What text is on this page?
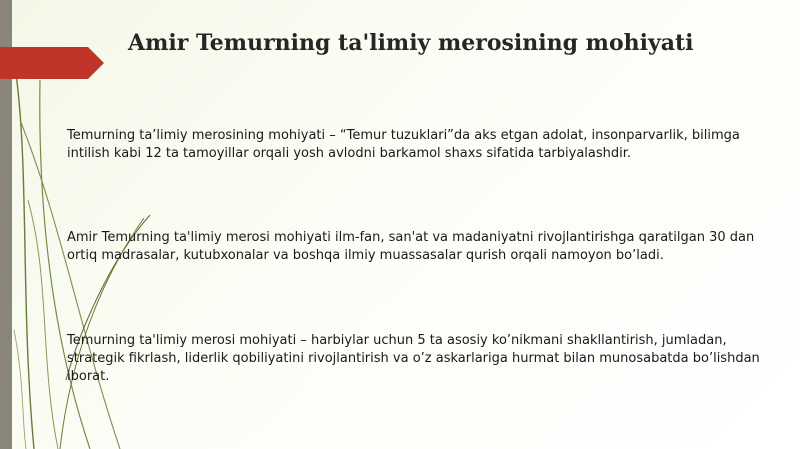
Amir Temurning ta'limiy merosining mohiyati

Temurning ta’limiy merosining mohiyati – “Temur tuzuklari”da aks etgan adolat, insonparvarlik, bilimga intilish kabi 12 ta tamoyillar orqali yosh avlodni barkamol shaxs sifatida tarbiyalashdir.

Amir Temurning ta'limiy merosi mohiyati ilm-fan, san'at va madaniyatni rivojlantirishga qaratilgan 30 dan ortiq madrasalar, kutubxonalar va boshqa ilmiy muassasalar qurish orqali namoyon bo’ladi.

Temurning ta'limiy merosi mohiyati – harbiylar uchun 5 ta asosiy ko’nikmani shakllantirish, jumladan, strategik fikrlash, liderlik qobiliyatini rivojlantirish va o’z askarlariga hurmat bilan munosabatda bo’lishdan iborat.
